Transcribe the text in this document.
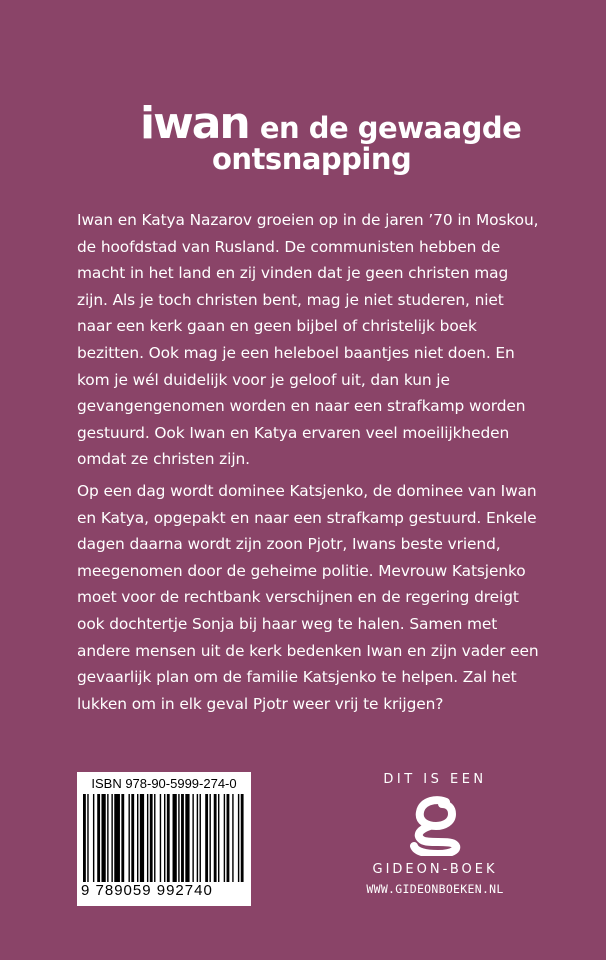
iwan en de gewaagde
ontsnapping

Iwan en Katya Nazarov groeien op in de jaren ’70 in Moskou, de hoofdstad van Rusland. De communisten hebben de macht in het land en zij vinden dat je geen christen mag zijn. Als je toch christen bent, mag je niet studeren, niet naar een kerk gaan en geen bijbel of christelijk boek bezitten. Ook mag je een heleboel baantjes niet doen. En kom je wél duidelijk voor je geloof uit, dan kun je gevangengenomen worden en naar een strafkamp worden gestuurd. Ook Iwan en Katya ervaren veel moeilijkheden omdat ze christen zijn.

Op een dag wordt dominee Katsjenko, de dominee van Iwan en Katya, opgepakt en naar een strafkamp gestuurd. Enkele dagen daarna wordt zijn zoon Pjotr, Iwans beste vriend, meegenomen door de geheime politie. Mevrouw Katsjenko moet voor de rechtbank verschijnen en de regering dreigt ook dochtertje Sonja bij haar weg te halen. Samen met andere mensen uit de kerk bedenken Iwan en zijn vader een gevaarlijk plan om de familie Katsjenko te helpen. Zal het lukken om in elk geval Pjotr weer vrij te krijgen?

ISBN 978-90-5999-274-0
9 789059 992740
DIT IS EEN
GIDEON-BOEK
WWW.GIDEONBOEKEN.NL
